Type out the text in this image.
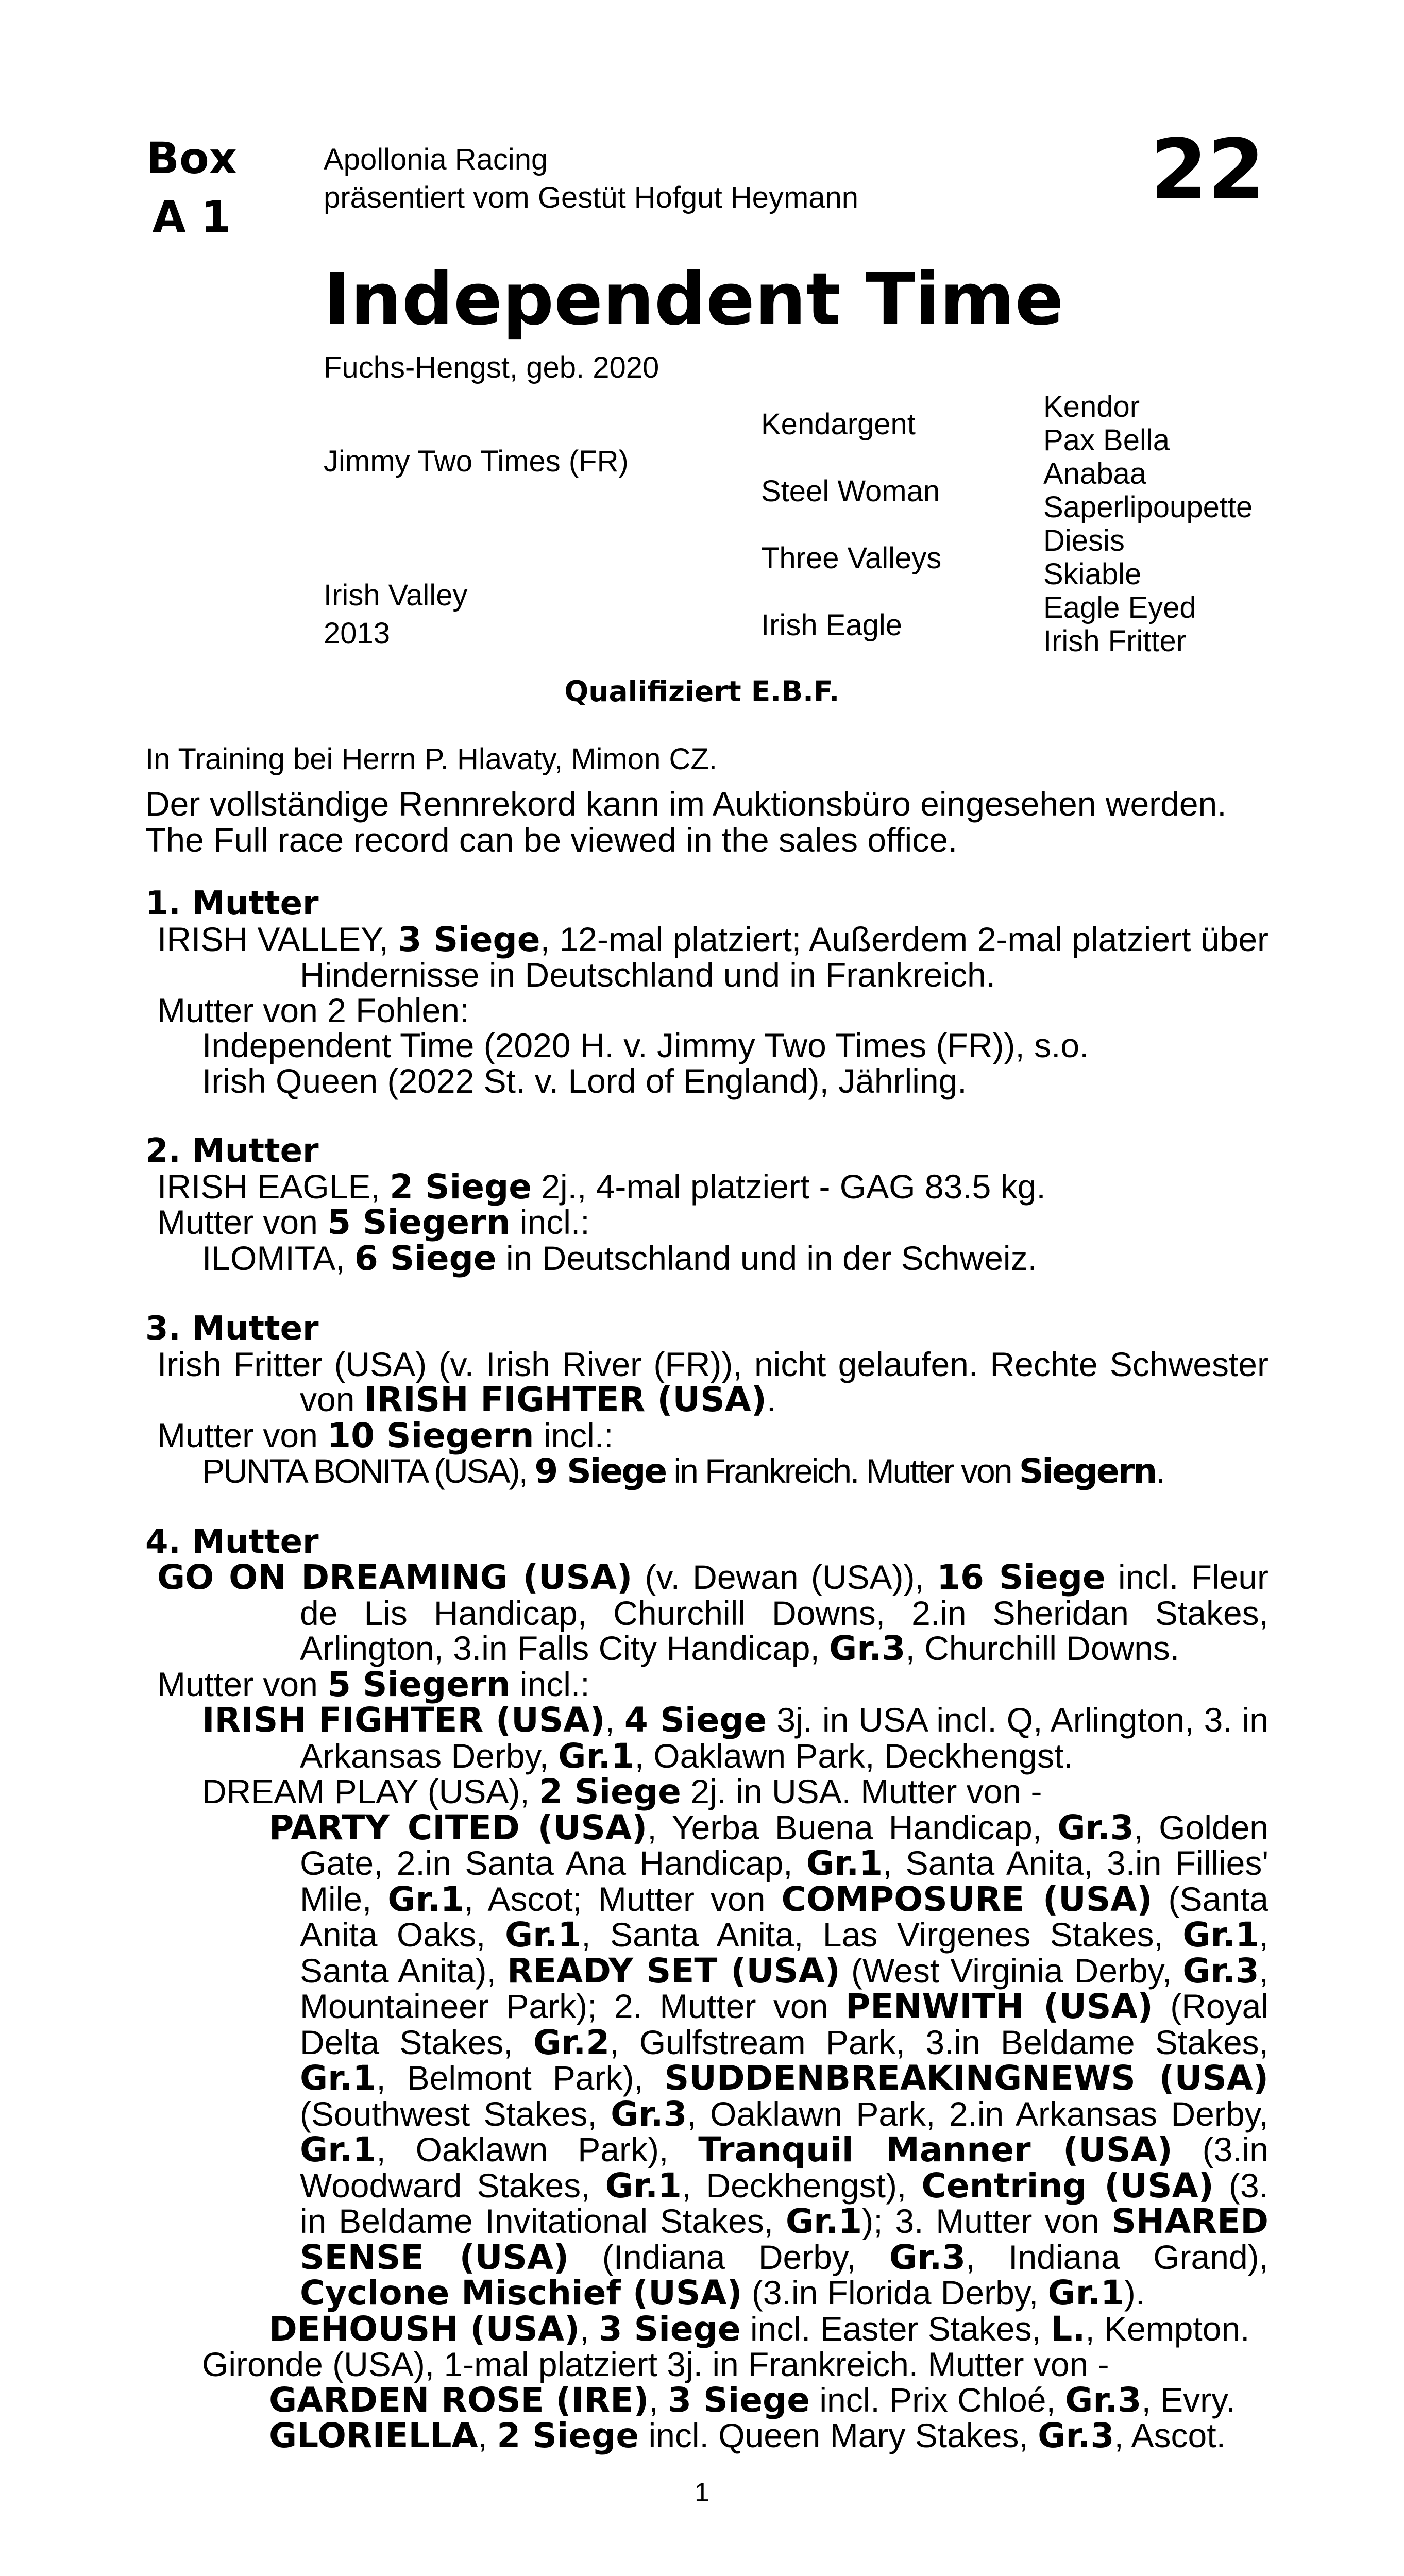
Box
A 1
Apollonia Racing
präsentiert vom Gestüt Hofgut Heymann	22
Independent Time
Fuchs-Hengst, geb. 2020
Jimmy Two Times (FR)
Irish Valley
2013
Kendargent
Steel Woman
Three Valleys
Irish Eagle
Kendor
Pax Bella
Anabaa
Saperlipoupette
Diesis
Skiable
Eagle Eyed
Irish Fritter
Qualifiziert E.B.F.
In Training bei Herrn P. Hlavaty, Mimon CZ.
Der vollständige Rennrekord kann im Auktionsbüro eingesehen werden.
The Full race record can be viewed in the sales office.

1. Mutter

IRISH VALLEY, 3 Siege, 12-mal platziert; Außerdem 2-mal platziert über Hindernisse in Deutschland und in Frankreich.

Mutter von 2 Fohlen:

Independent Time (2020 H. v. Jimmy Two Times (FR)), s.o.

Irish Queen (2022 St. v. Lord of England), Jährling.

2. Mutter

IRISH EAGLE, 2 Siege 2j., 4-mal platziert - GAG 83.5 kg.

Mutter von 5 Siegern incl.:

ILOMITA, 6 Siege in Deutschland und in der Schweiz.

3. Mutter

Irish Fritter (USA) (v. Irish River (FR)), nicht gelaufen. Rechte Schwester von IRISH FIGHTER (USA).

Mutter von 10 Siegern incl.:

PUNTA BONITA (USA), 9 Siege in Frankreich. Mutter von Siegern.

4. Mutter

GO ON DREAMING (USA) (v. Dewan (USA)), 16 Siege incl. Fleur de Lis Handicap, Churchill Downs, 2.in Sheridan Stakes, Arlington, 3.in Falls City Handicap, Gr.3, Churchill Downs.

Mutter von 5 Siegern incl.:

IRISH FIGHTER (USA), 4 Siege 3j. in USA incl. Q, Arlington, 3. in Arkansas Derby, Gr.1, Oaklawn Park, Deckhengst.

DREAM PLAY (USA), 2 Siege 2j. in USA. Mutter von -

PARTY CITED (USA), Yerba Buena Handicap, Gr.3, Golden Gate, 2.in Santa Ana Handicap, Gr.1, Santa Anita, 3.in Fillies' Mile, Gr.1, Ascot; Mutter von COMPOSURE (USA) (Santa Anita Oaks, Gr.1, Santa Anita, Las Virgenes Stakes, Gr.1, Santa Anita), READY SET (USA) (West Virginia Derby, Gr.3, Mountaineer Park); 2. Mutter von PENWITH (USA) (Royal Delta Stakes, Gr.2, Gulfstream Park, 3.in Beldame Stakes, Gr.1, Belmont Park), SUDDENBREAKINGNEWS (USA) (Southwest Stakes, Gr.3, Oaklawn Park, 2.in Arkansas Derby, Gr.1, Oaklawn Park), Tranquil Manner (USA) (3.in Woodward Stakes, Gr.1, Deckhengst), Centring (USA) (3. in Beldame Invitational Stakes, Gr.1); 3. Mutter von SHARED SENSE (USA) (Indiana Derby, Gr.3, Indiana Grand), Cyclone Mischief (USA) (3.in Florida Derby, Gr.1).

DEHOUSH (USA), 3 Siege incl. Easter Stakes, L., Kempton.

Gironde (USA), 1-mal platziert 3j. in Frankreich. Mutter von -

GARDEN ROSE (IRE), 3 Siege incl. Prix Chloé, Gr.3, Evry.

GLORIELLA, 2 Siege incl. Queen Mary Stakes, Gr.3, Ascot.

1
